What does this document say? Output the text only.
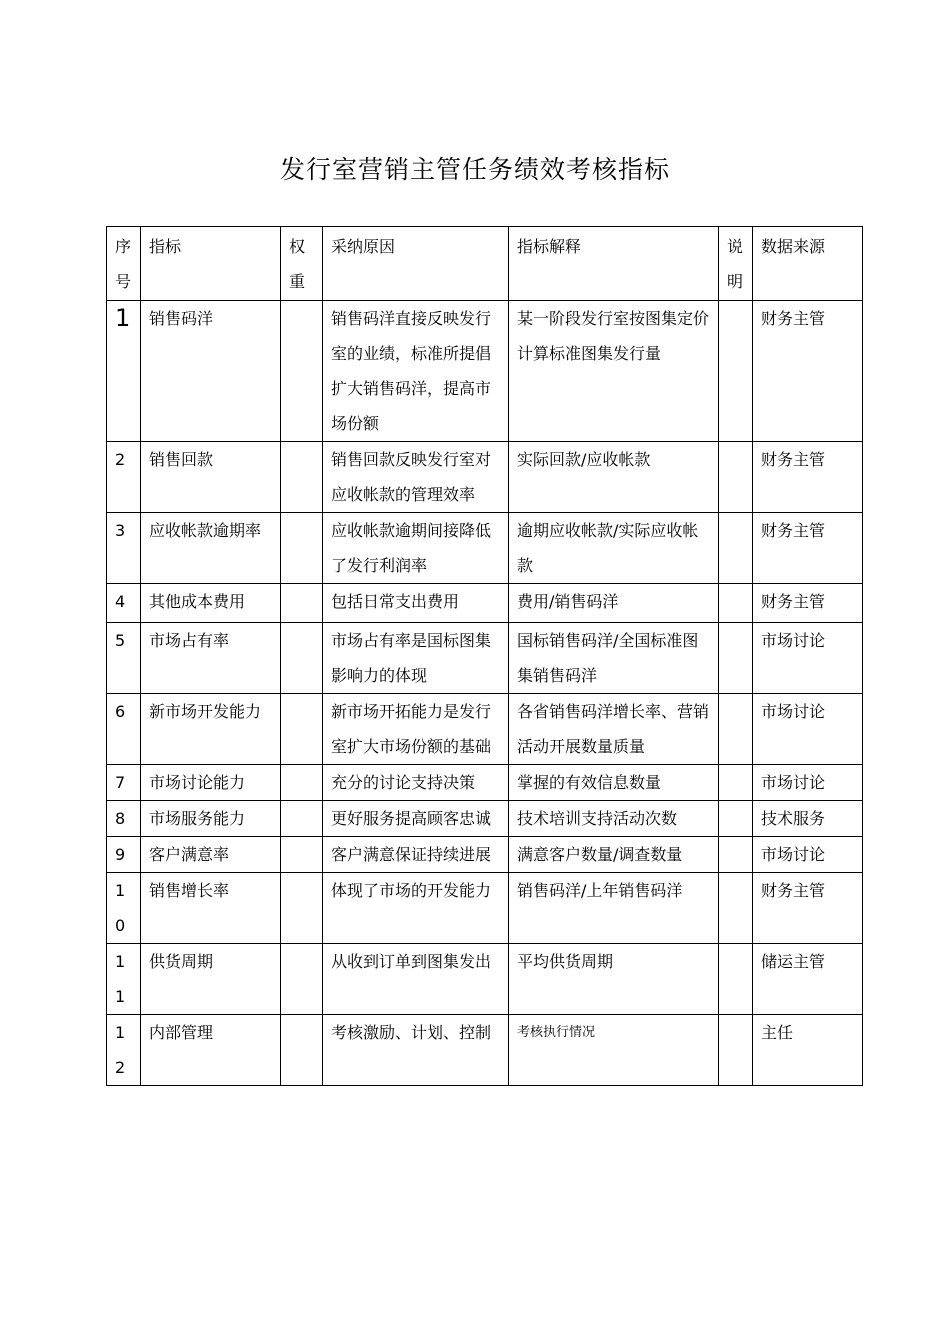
发行室营销主管任务绩效考核指标
序号	指标	权重	采纳原因	指标解释	说明	数据来源
1	销售码洋		销售码洋直接反映发行室的业绩，标准所提倡扩大销售码洋，提高市场份额	某一阶段发行室按图集定价计算标准图集发行量		财务主管
2	销售回款		销售回款反映发行室对应收帐款的管理效率	实际回款/应收帐款		财务主管
3	应收帐款逾期率		应收帐款逾期间接降低了发行利润率	逾期应收帐款/实际应收帐款		财务主管
4	其他成本费用		包括日常支出费用	费用/销售码洋		财务主管
5	市场占有率		市场占有率是国标图集影响力的体现	国标销售码洋/全国标准图集销售码洋		市场讨论
6	新市场开发能力		新市场开拓能力是发行室扩大市场份额的基础	各省销售码洋增长率、营销活动开展数量质量		市场讨论
7	市场讨论能力		充分的讨论支持决策	掌握的有效信息数量		市场讨论
8	市场服务能力		更好服务提高顾客忠诚	技术培训支持活动次数		技术服务
9	客户满意率		客户满意保证持续进展	满意客户数量/调查数量		市场讨论
10	销售增长率		体现了市场的开发能力	销售码洋/上年销售码洋		财务主管
11	供货周期		从收到订单到图集发出	平均供货周期		储运主管
12	内部管理		考核激励、计划、控制	考核执行情况		主任
